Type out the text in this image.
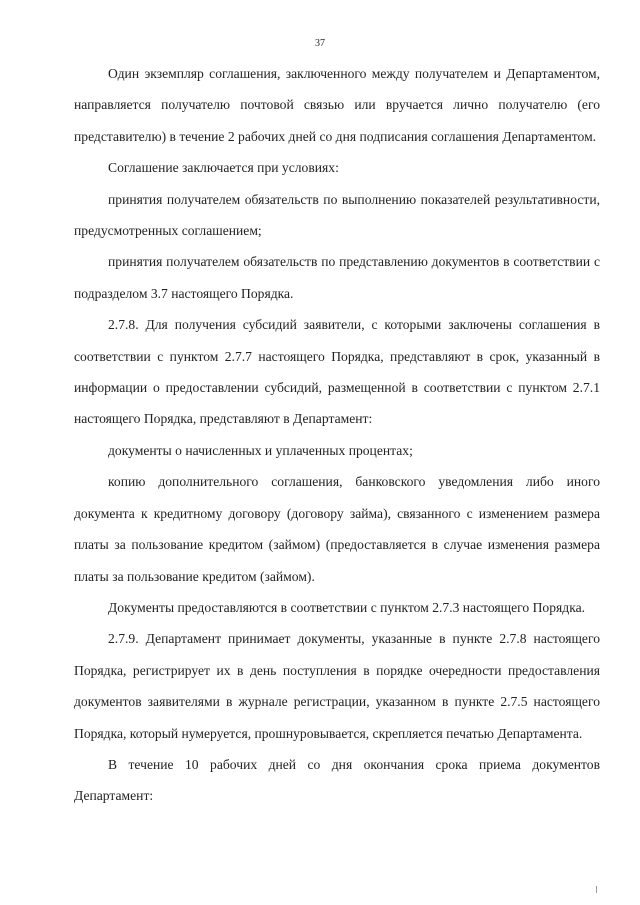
37

Один экземпляр соглашения, заключенного между получателем и Департаментом, направляется получателю почтовой связью или вручается лично получателю (его представителю) в течение 2 рабочих дней со дня подписания соглашения Департаментом.

Соглашение заключается при условиях:

принятия получателем обязательств по выполнению показателей результативности, предусмотренных соглашением;

принятия получателем обязательств по представлению документов в соответствии с подразделом 3.7 настоящего Порядка.

2.7.8. Для получения субсидий заявители, с которыми заключены соглашения в соответствии с пунктом 2.7.7 настоящего Порядка, представляют в срок, указанный в информации о предоставлении субсидий, размещенной в соответствии с пунктом 2.7.1 настоящего Порядка, представляют в Департамент:

документы о начисленных и уплаченных процентах;

копию дополнительного соглашения, банковского уведомления либо иного документа к кредитному договору (договору займа), связанного с изменением размера платы за пользование кредитом (займом) (предоставляется в случае изменения размера платы за пользование кредитом (займом).

Документы предоставляются в соответствии с пунктом 2.7.3 настоящего Порядка.

2.7.9. Департамент принимает документы, указанные в пункте 2.7.8 настоящего Порядка, регистрирует их в день поступления в порядке очередности предоставления документов заявителями в журнале регистрации, указанном в пункте 2.7.5 настоящего Порядка, который нумеруется, прошнуровывается, скрепляется печатью Департамента.

В течение 10 рабочих дней со дня окончания срока приема документов Департамент:
